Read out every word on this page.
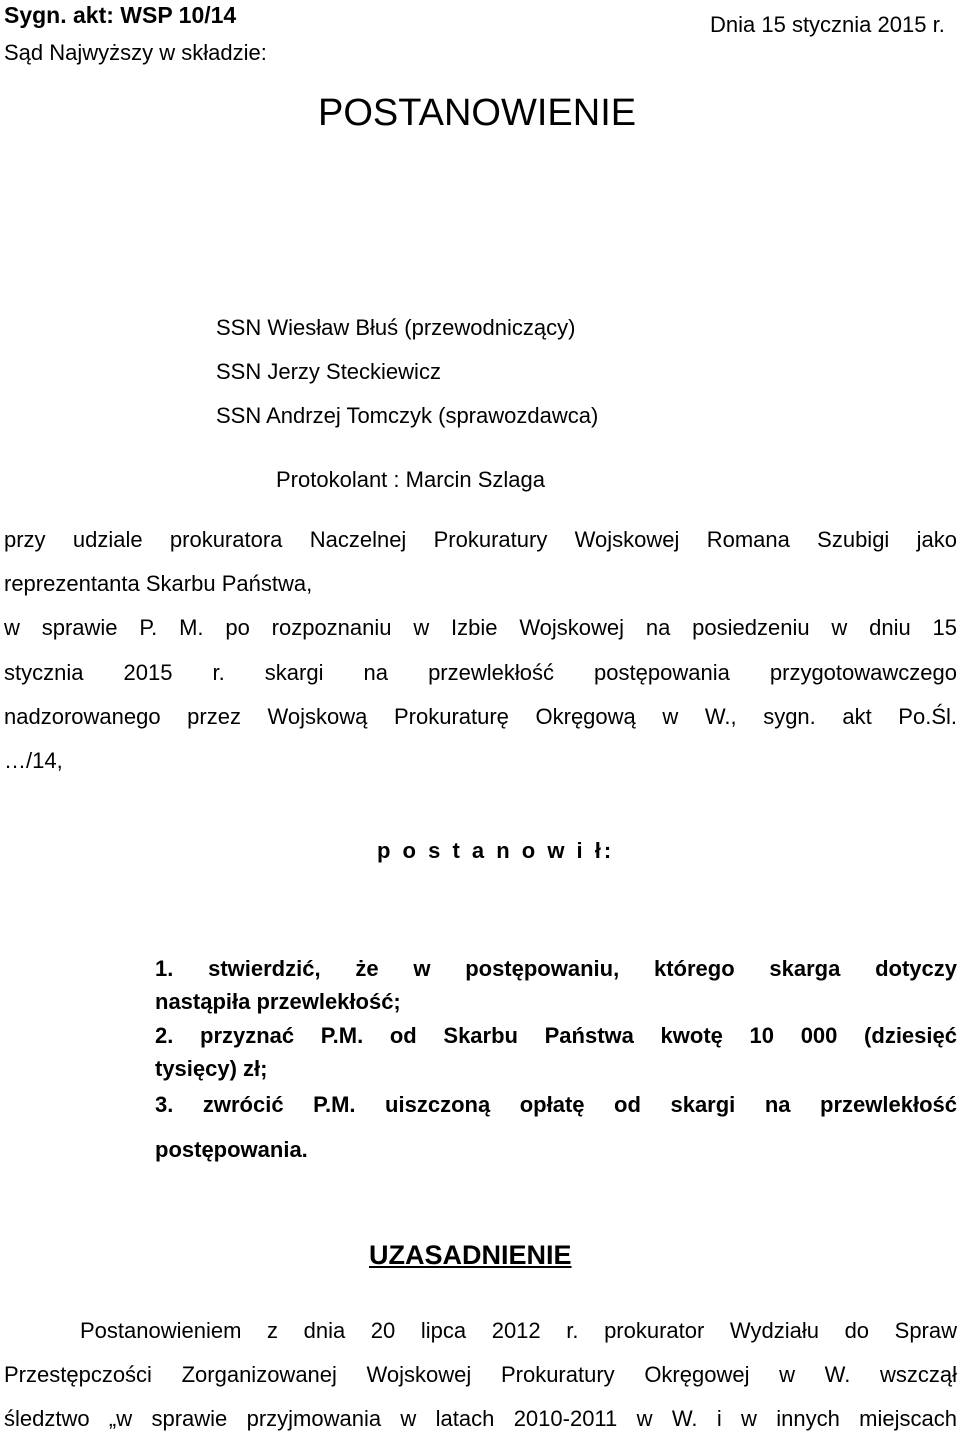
Sygn. akt: WSP 10/14	Dnia 15 stycznia 2015 r.
Sąd Najwyższy w składzie:
POSTANOWIENIE
SSN Wiesław Błuś (przewodniczący)
SSN Jerzy Steckiewicz
SSN Andrzej Tomczyk (sprawozdawca)
Protokolant : Marcin Szlaga
przy udziale prokuratora Naczelnej Prokuratury Wojskowej Romana Szubigi jako
reprezentanta Skarbu Państwa,
w sprawie P. M. po rozpoznaniu w Izbie Wojskowej na posiedzeniu w dniu 15
stycznia 2015 r. skargi na przewlekłość postępowania przygotowawczego
nadzorowanego przez Wojskową Prokuraturę Okręgową w W., sygn. akt Po.Śl.
…/14,
p o s t a n o w i ł:
1. stwierdzić, że w postępowaniu, którego skarga dotyczy
nastąpiła przewlekłość;
2. przyznać P.M. od Skarbu Państwa kwotę 10 000 (dziesięć
tysięcy) zł;
3. zwrócić P.M. uiszczoną opłatę od skargi na przewlekłość
postępowania.
UZASADNIENIE
Postanowieniem z dnia 20 lipca 2012 r. prokurator Wydziału do Spraw
Przestępczości Zorganizowanej Wojskowej Prokuratury Okręgowej w W. wszczął
śledztwo „w sprawie przyjmowania w latach 2010-2011 w W. i w innych miejscach
